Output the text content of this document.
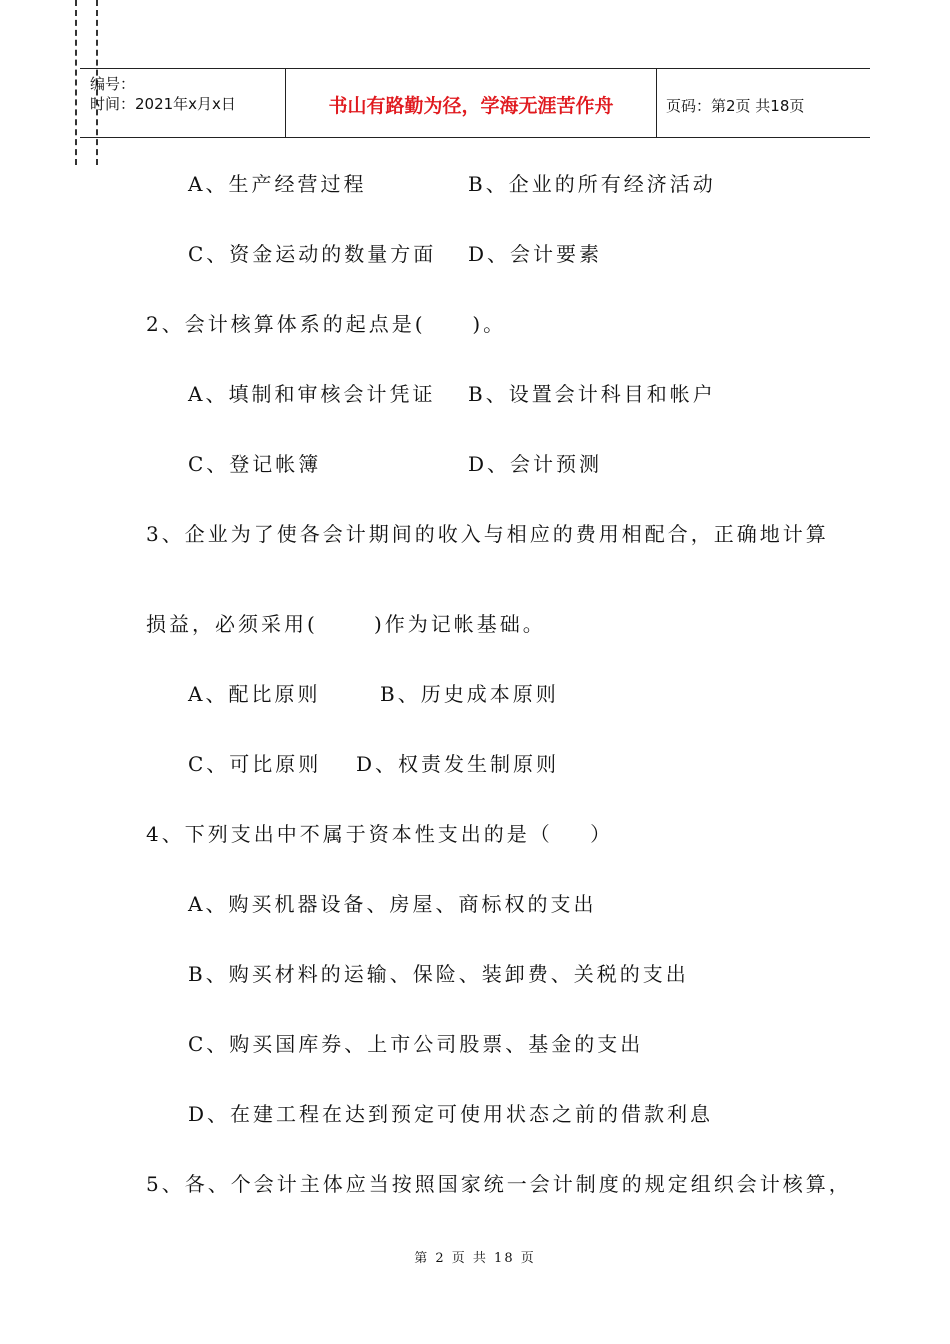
编号：
时间：2021年x月x日	书山有路勤为径，学海无涯苦作舟	页码：第2页 共18页
A、生产经营过程	B、企业的所有经济活动
C、资金运动的数量方面 D、会计要素
2、会计核算体系的起点是(     )。
A、填制和审核会计凭证 B、设置会计科目和帐户
C、登记帐簿	D、会计预测
3、企业为了使各会计期间的收入与相应的费用相配合，正确地计算
损益，必须采用(      )作为记帐基础。
A、配比原则	B、历史成本原则
C、可比原则 D、权责发生制原则
4、下列支出中不属于资本性支出的是（    ）
A、购买机器设备、房屋、商标权的支出
B、购买材料的运输、保险、装卸费、关税的支出
C、购买国库券、上市公司股票、基金的支出
D、在建工程在达到预定可使用状态之前的借款利息
5、各、个会计主体应当按照国家统一会计制度的规定组织会计核算，
第 2 页 共 18 页
